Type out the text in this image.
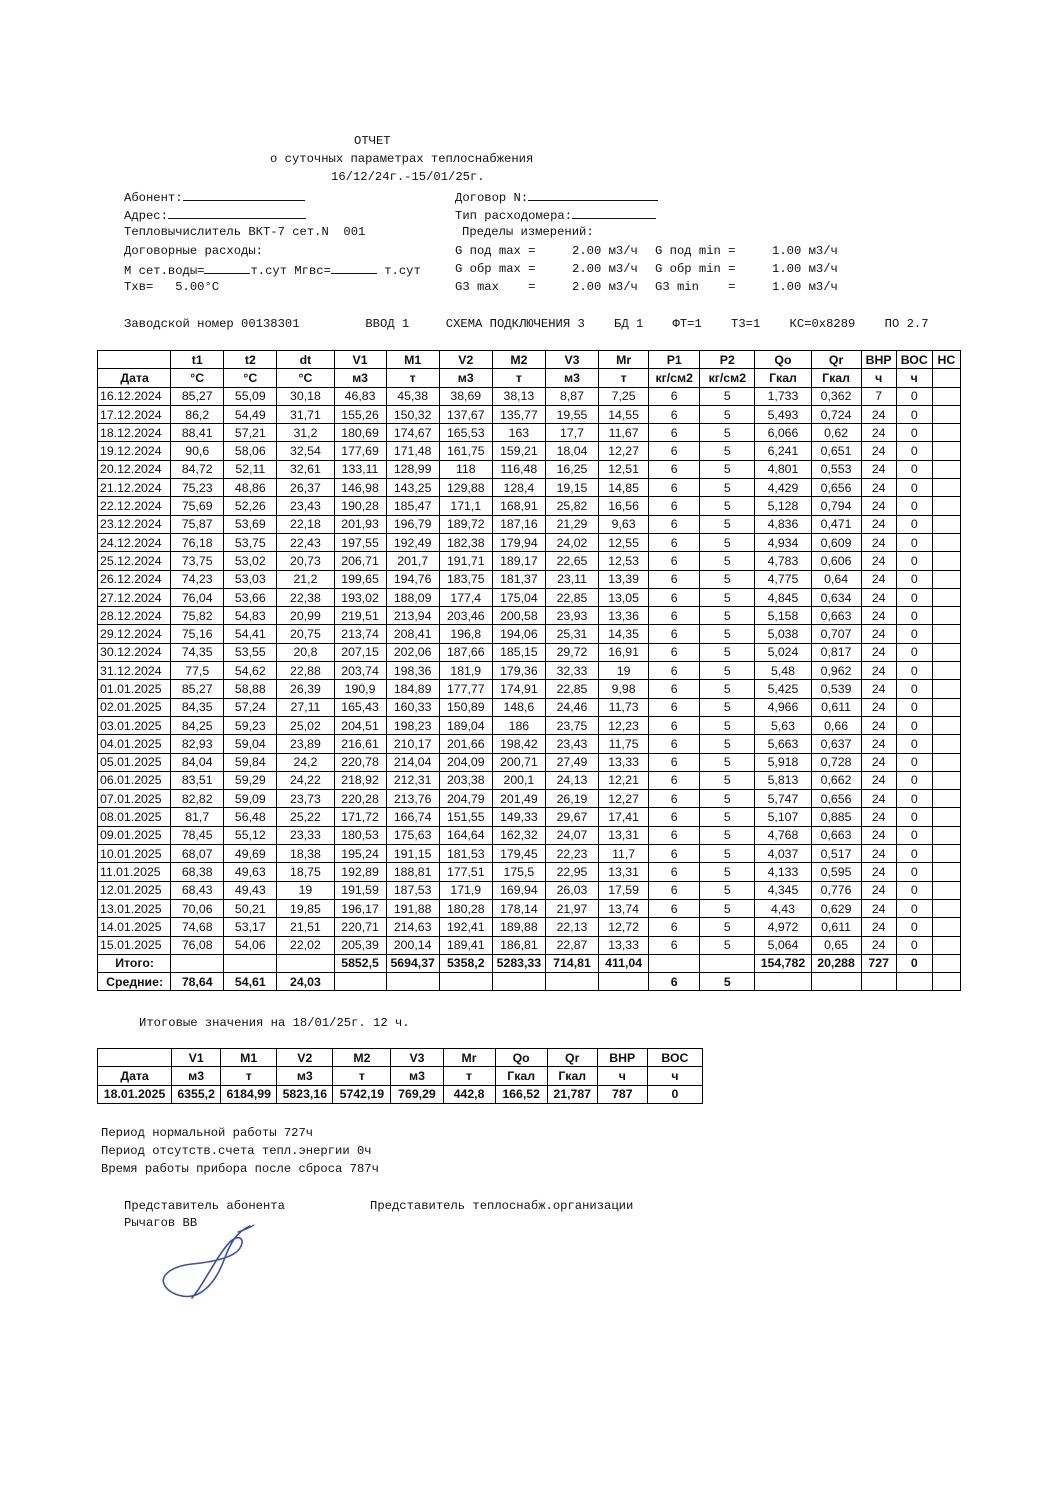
ОТЧЕТ
о суточных параметрах теплоснабжения
16/12/24г.-15/01/25г.
Абонент:	Договор N:
Адрес:	Тип расходомера:
Тепловычислитель ВКТ-7 сет.N  001	Пределы измерений:
Договорные расходы:	G под max =     2.00 м3/ч G под min =     1.00 м3/ч
М сет.воды=	т.сут Мгвс=	т.сут	G обр max =     2.00 м3/ч G обр min =     1.00 м3/ч
Тхв=   5.00°C	G3 max    =     2.00 м3/ч G3 min    =     1.00 м3/ч
Заводской номер 00138301         ВВОД 1     СХЕМА ПОДКЛЮЧЕНИЯ 3    БД 1    ФТ=1    Т3=1    КС=0x8289    ПО 2.7
	t1	t2	dt	V1	M1	V2	M2	V3	Mr	P1	P2	Qo	Qr	ВНР	ВОС	НС
Дата	°C	°C	°C	м3	т	м3	т	м3	т	кг/см2	кг/см2	Гкал	Гкал	ч	ч	
16.12.2024	85,27	55,09	30,18	46,83	45,38	38,69	38,13	8,87	7,25	6	5	1,733	0,362	7	0	
17.12.2024	86,2	54,49	31,71	155,26	150,32	137,67	135,77	19,55	14,55	6	5	5,493	0,724	24	0	
18.12.2024	88,41	57,21	31,2	180,69	174,67	165,53	163	17,7	11,67	6	5	6,066	0,62	24	0	
19.12.2024	90,6	58,06	32,54	177,69	171,48	161,75	159,21	18,04	12,27	6	5	6,241	0,651	24	0	
20.12.2024	84,72	52,11	32,61	133,11	128,99	118	116,48	16,25	12,51	6	5	4,801	0,553	24	0	
21.12.2024	75,23	48,86	26,37	146,98	143,25	129,88	128,4	19,15	14,85	6	5	4,429	0,656	24	0	
22.12.2024	75,69	52,26	23,43	190,28	185,47	171,1	168,91	25,82	16,56	6	5	5,128	0,794	24	0	
23.12.2024	75,87	53,69	22,18	201,93	196,79	189,72	187,16	21,29	9,63	6	5	4,836	0,471	24	0	
24.12.2024	76,18	53,75	22,43	197,55	192,49	182,38	179,94	24,02	12,55	6	5	4,934	0,609	24	0	
25.12.2024	73,75	53,02	20,73	206,71	201,7	191,71	189,17	22,65	12,53	6	5	4,783	0,606	24	0	
26.12.2024	74,23	53,03	21,2	199,65	194,76	183,75	181,37	23,11	13,39	6	5	4,775	0,64	24	0	
27.12.2024	76,04	53,66	22,38	193,02	188,09	177,4	175,04	22,85	13,05	6	5	4,845	0,634	24	0	
28.12.2024	75,82	54,83	20,99	219,51	213,94	203,46	200,58	23,93	13,36	6	5	5,158	0,663	24	0	
29.12.2024	75,16	54,41	20,75	213,74	208,41	196,8	194,06	25,31	14,35	6	5	5,038	0,707	24	0	
30.12.2024	74,35	53,55	20,8	207,15	202,06	187,66	185,15	29,72	16,91	6	5	5,024	0,817	24	0	
31.12.2024	77,5	54,62	22,88	203,74	198,36	181,9	179,36	32,33	19	6	5	5,48	0,962	24	0	
01.01.2025	85,27	58,88	26,39	190,9	184,89	177,77	174,91	22,85	9,98	6	5	5,425	0,539	24	0	
02.01.2025	84,35	57,24	27,11	165,43	160,33	150,89	148,6	24,46	11,73	6	5	4,966	0,611	24	0	
03.01.2025	84,25	59,23	25,02	204,51	198,23	189,04	186	23,75	12,23	6	5	5,63	0,66	24	0	
04.01.2025	82,93	59,04	23,89	216,61	210,17	201,66	198,42	23,43	11,75	6	5	5,663	0,637	24	0	
05.01.2025	84,04	59,84	24,2	220,78	214,04	204,09	200,71	27,49	13,33	6	5	5,918	0,728	24	0	
06.01.2025	83,51	59,29	24,22	218,92	212,31	203,38	200,1	24,13	12,21	6	5	5,813	0,662	24	0	
07.01.2025	82,82	59,09	23,73	220,28	213,76	204,79	201,49	26,19	12,27	6	5	5,747	0,656	24	0	
08.01.2025	81,7	56,48	25,22	171,72	166,74	151,55	149,33	29,67	17,41	6	5	5,107	0,885	24	0	
09.01.2025	78,45	55,12	23,33	180,53	175,63	164,64	162,32	24,07	13,31	6	5	4,768	0,663	24	0	
10.01.2025	68,07	49,69	18,38	195,24	191,15	181,53	179,45	22,23	11,7	6	5	4,037	0,517	24	0	
11.01.2025	68,38	49,63	18,75	192,89	188,81	177,51	175,5	22,95	13,31	6	5	4,133	0,595	24	0	
12.01.2025	68,43	49,43	19	191,59	187,53	171,9	169,94	26,03	17,59	6	5	4,345	0,776	24	0	
13.01.2025	70,06	50,21	19,85	196,17	191,88	180,28	178,14	21,97	13,74	6	5	4,43	0,629	24	0	
14.01.2025	74,68	53,17	21,51	220,71	214,63	192,41	189,88	22,13	12,72	6	5	4,972	0,611	24	0	
15.01.2025	76,08	54,06	22,02	205,39	200,14	189,41	186,81	22,87	13,33	6	5	5,064	0,65	24	0	
Итого:				5852,5	5694,37	5358,2	5283,33	714,81	411,04			154,782	20,288	727	0	
Средние:	78,64	54,61	24,03							6	5					
Итоговые значения на 18/01/25г. 12 ч.
	V1	M1	V2	M2	V3	Mr	Qo	Qr	ВНР	ВОС
Дата	м3	т	м3	т	м3	т	Гкал	Гкал	ч	ч
18.01.2025	6355,2	6184,99	5823,16	5742,19	769,29	442,8	166,52	21,787	787	0
Период нормальной работы 727ч
Период отсутств.счета тепл.энергии 0ч
Время работы прибора после сброса 787ч
Представитель абонента	Представитель теплоснабж.организации
Рычагов ВВ
